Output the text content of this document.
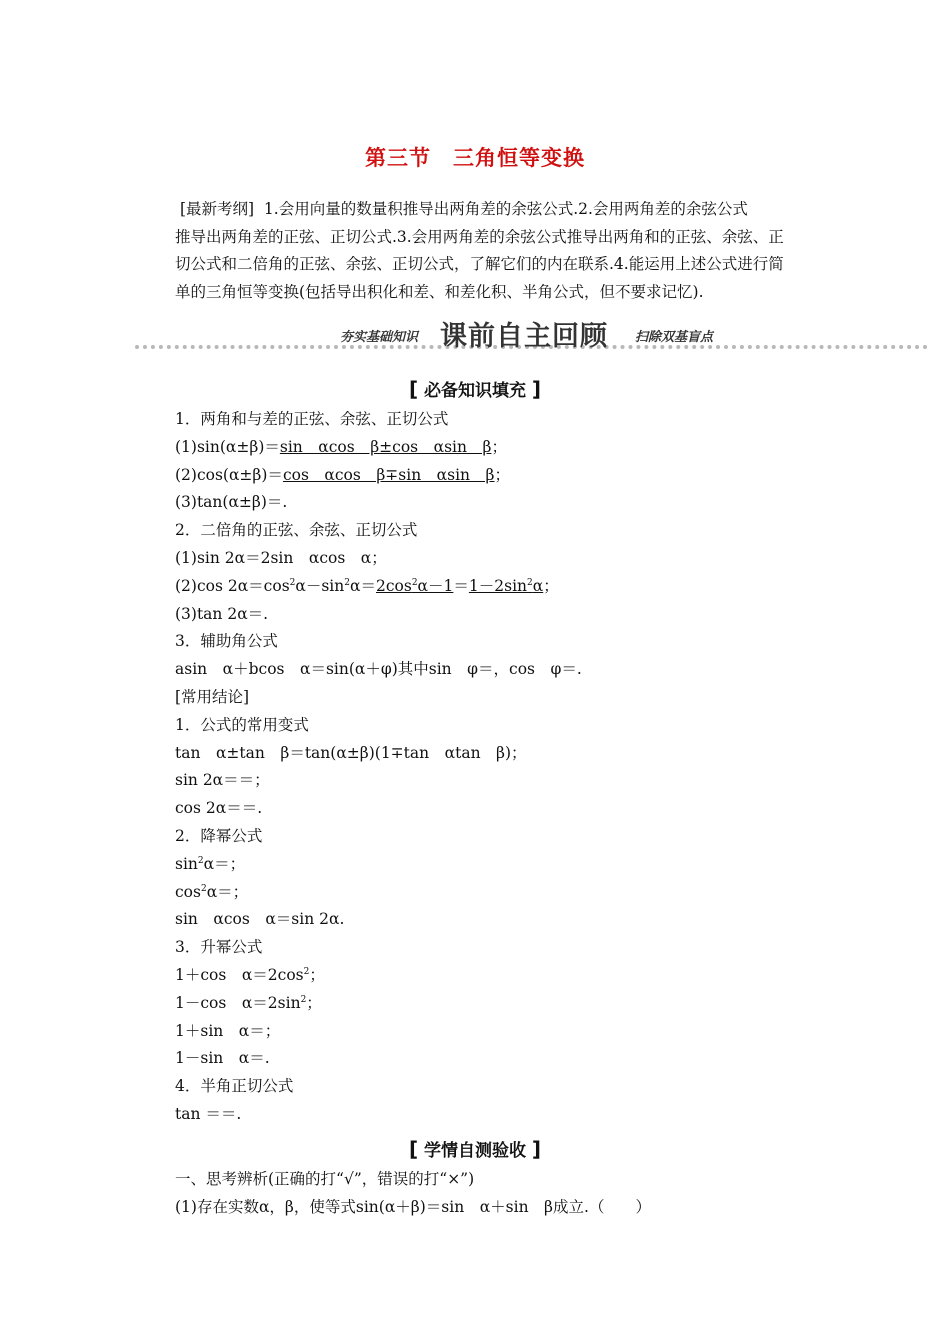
第三节　三角恒等变换

[最新考纲] 1.会用向量的数量积推导出两角差的余弦公式.2.会用两角差的余弦公式

推导出两角差的正弦、正切公式.3.会用两角差的余弦公式推导出两角和的正弦、余弦、正

切公式和二倍角的正弦、余弦、正切公式，了解它们的内在联系.4.能运用上述公式进行简

单的三角恒等变换(包括导出积化和差、和差化积、半角公式，但不要求记忆).

夯实基础知识 课前自主回顾 扫除双基盲点
[ 必备知识填充 ]
1．两角和与差的正弦、余弦、正切公式
(1)sin(α±β)＝sin　αcos　β±cos　αsin　β；
(2)cos(α±β)＝cos　αcos　β∓sin　αsin　β；
(3)tan(α±β)＝.
2．二倍角的正弦、余弦、正切公式
(1)sin 2α＝2sin　αcos　α；
(2)cos $2\alpha=\cos^2\alpha-\sin^2\alpha=2\cos^2\alpha-1=1-2\sin^2\alpha$；
(3)tan 2α＝.
3．辅助角公式
asin　α＋bcos　α＝sin(α＋φ)其中sin　φ＝，cos　φ＝.
[常用结论]
1．公式的常用变式
tan　α±tan　β＝tan(α±β)(1∓tan　αtan　β)；
sin 2α＝＝；
cos 2α＝＝.
2．降幂公式
$\sin^2\alpha=$；
$\cos^2\alpha=$；
sin　αcos　α＝sin 2α.
3．升幂公式
1＋cos　$\alpha=2\cos^2$；
1－cos　$\alpha=2\sin^2$；
1＋sin　α＝；
1－sin　α＝.
4．半角正切公式
tan ＝＝.
[ 学情自测验收 ]
一、思考辨析(正确的打“√”，错误的打“×”)
(1)存在实数α，β，使等式sin(α＋β)＝sin　α＋sin　β成立.（　　）
